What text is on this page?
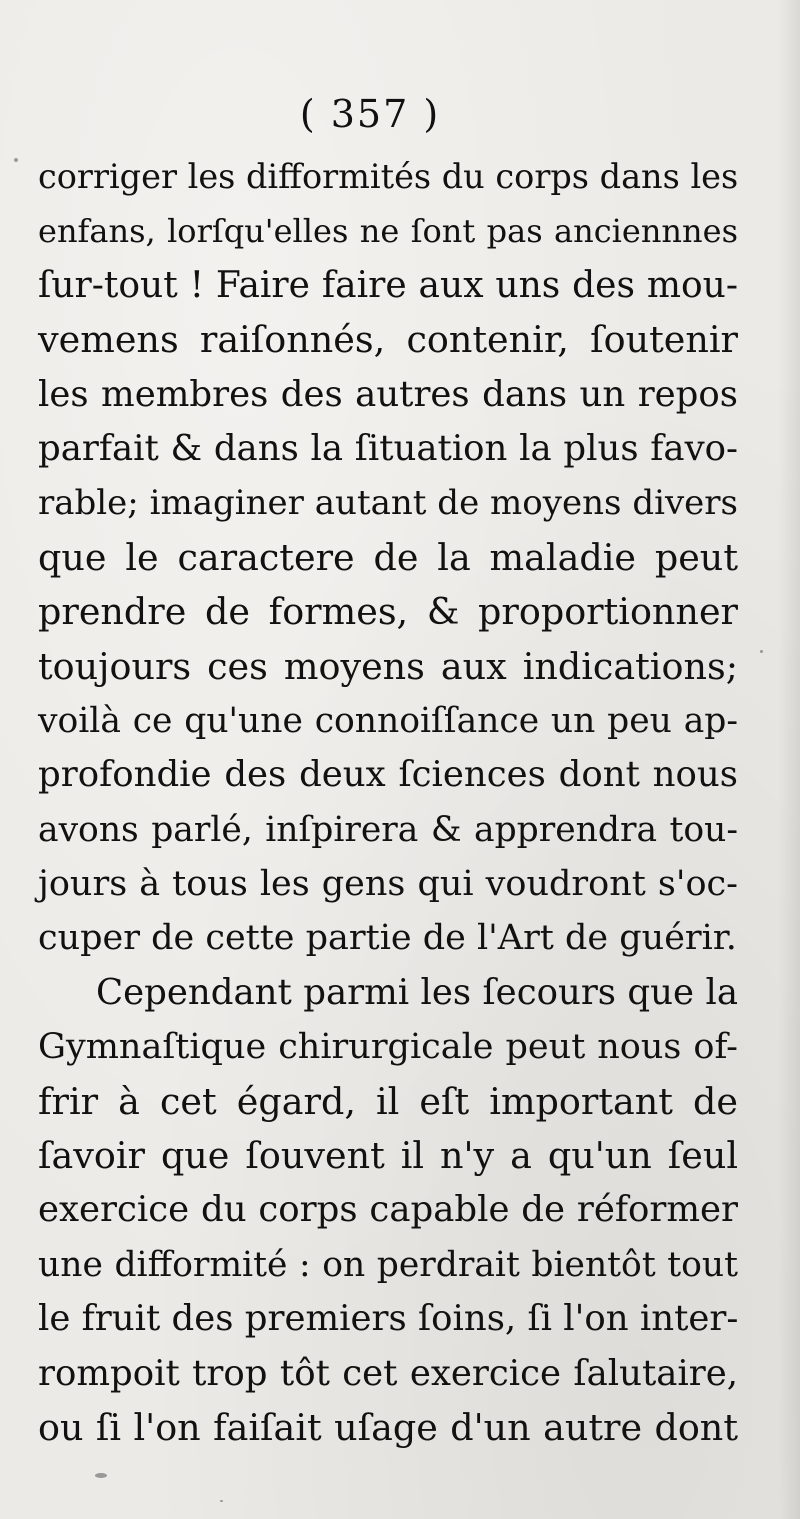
( 357 )
corriger les difformités du corps dans les
enfans, lorſqu'elles ne ſont pas anciennnes
ſur-tout ! Faire faire aux uns des mou-
vemens raiſonnés, contenir, ſoutenir
les membres des autres dans un repos
parfait & dans la ſituation la plus favo-
rable; imaginer autant de moyens divers
que le caractere de la maladie peut
prendre de formes, & proportionner
toujours ces moyens aux indications;
voilà ce qu'une connoiſſance un peu ap-
profondie des deux ſciences dont nous
avons parlé, inſpirera & apprendra tou-
jours à tous les gens qui voudront s'oc-
cuper de cette partie de l'Art de guérir.
Cependant parmi les ſecours que la
Gymnaſtique chirurgicale peut nous of-
frir à cet égard, il eſt important de
ſavoir que ſouvent il n'y a qu'un ſeul
exercice du corps capable de réformer
une difformité : on perdrait bientôt tout
le fruit des premiers ſoins, ſi l'on inter-
rompoit trop tôt cet exercice ſalutaire,
ou ſi l'on faiſait uſage d'un autre dont
